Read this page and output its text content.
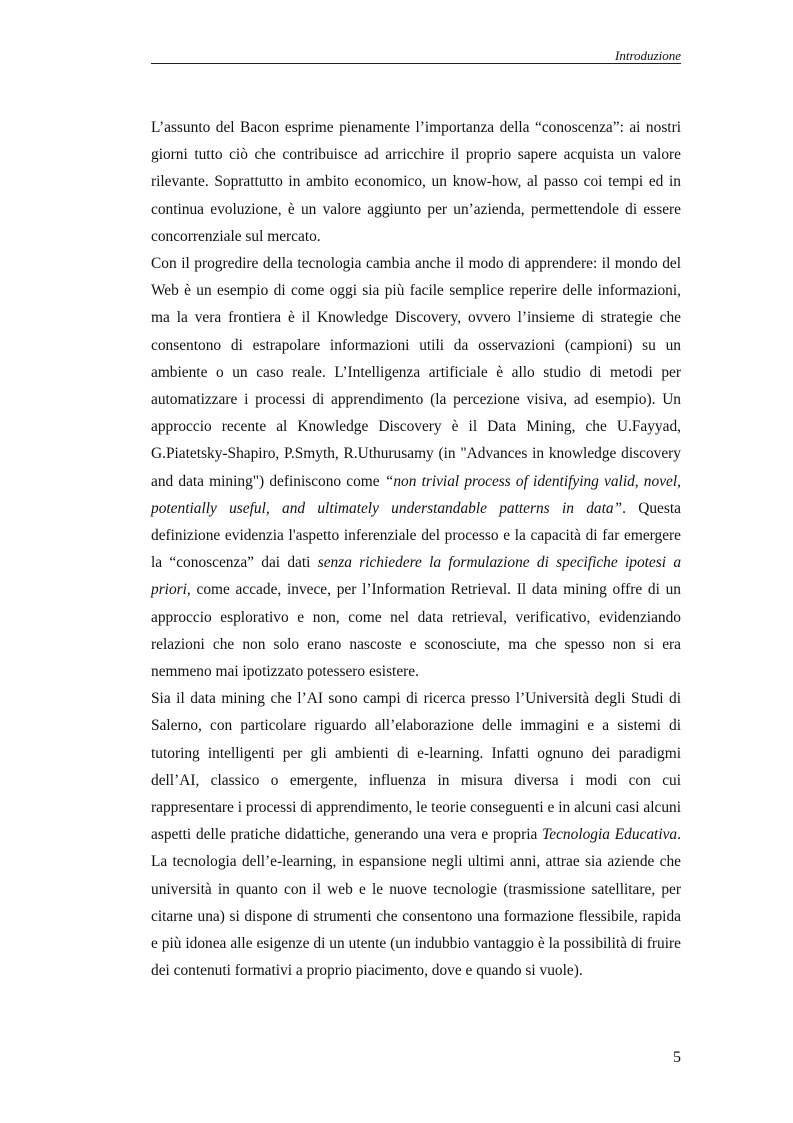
Introduzione

L’assunto del Bacon esprime pienamente l’importanza della “conoscenza”: ai nostri giorni tutto ciò che contribuisce ad arricchire il proprio sapere acquista un valore rilevante. Soprattutto in ambito economico, un know-how, al passo coi tempi ed in continua evoluzione, è un valore aggiunto per un’azienda, permettendole di essere concorrenziale sul mercato.

Con il progredire della tecnologia cambia anche il modo di apprendere: il mondo del Web è un esempio di come oggi sia più facile semplice reperire delle informazioni, ma la vera frontiera è il Knowledge Discovery, ovvero l’insieme di strategie che consentono di estrapolare informazioni utili da osservazioni (campioni) su un ambiente o un caso reale. L’Intelligenza artificiale è allo studio di metodi per automatizzare i processi di apprendimento (la percezione visiva, ad esempio). Un approccio recente al Knowledge Discovery è il Data Mining, che U.Fayyad, G.Piatetsky-Shapiro, P.Smyth, R.Uthurusamy (in "Advances in knowledge discovery and data mining") definiscono come “non trivial process of identifying valid, novel, potentially useful, and ultimately understandable patterns in data”. Questa definizione evidenzia l'aspetto inferenziale del processo e la capacità di far emergere la “conoscenza” dai dati senza richiedere la formulazione di specifiche ipotesi a priori, come accade, invece, per l’Information Retrieval. Il data mining offre di un approccio esplorativo e non, come nel data retrieval, verificativo, evidenziando relazioni che non solo erano nascoste e sconosciute, ma che spesso non si era nemmeno mai ipotizzato potessero esistere.

Sia il data mining che l’AI sono campi di ricerca presso l’Università degli Studi di Salerno, con particolare riguardo all’elaborazione delle immagini e a sistemi di tutoring intelligenti per gli ambienti di e-learning. Infatti ognuno dei paradigmi dell’AI, classico o emergente, influenza in misura diversa i modi con cui rappresentare i processi di apprendimento, le teorie conseguenti e in alcuni casi alcuni aspetti delle pratiche didattiche, generando una vera e propria Tecnologia Educativa. La tecnologia dell’e-learning, in espansione negli ultimi anni, attrae sia aziende che università in quanto con il web e le nuove tecnologie (trasmissione satellitare, per citarne una) si dispone di strumenti che consentono una formazione flessibile, rapida e più idonea alle esigenze di un utente (un indubbio vantaggio è la possibilità di fruire dei contenuti formativi a proprio piacimento, dove e quando si vuole).

5
